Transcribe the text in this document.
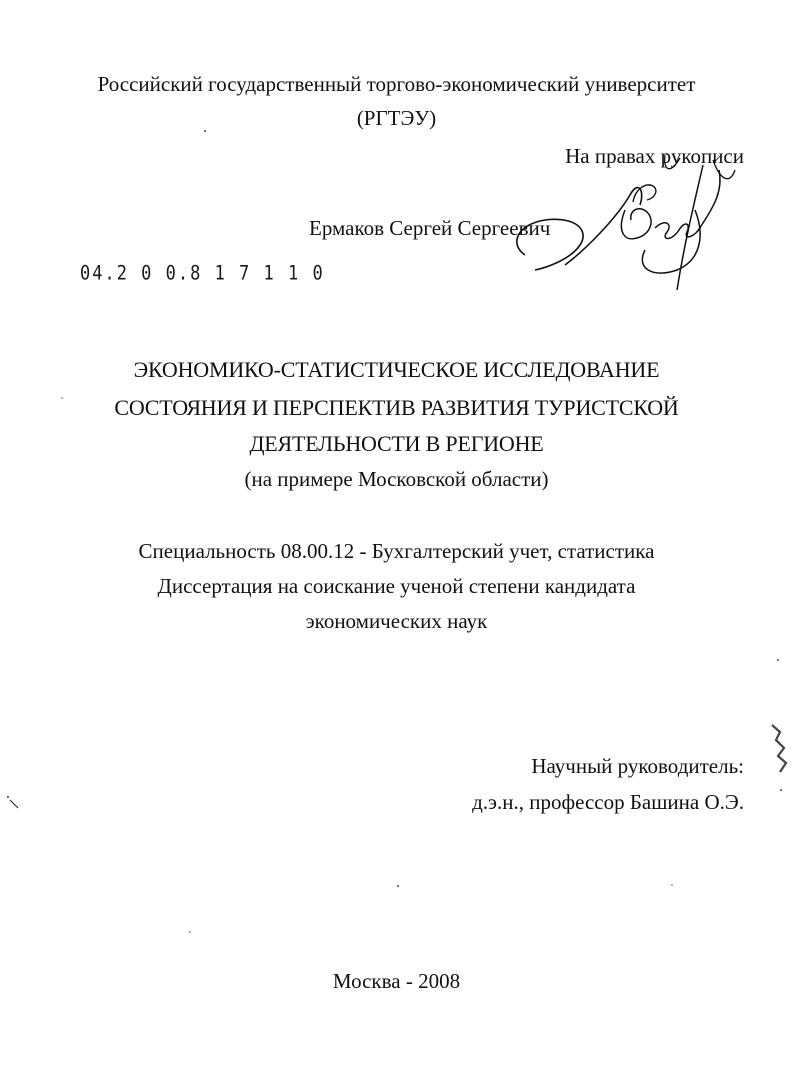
Российский государственный торгово-экономический университет
(РГТЭУ)
На правах рукописи
Ермаков Сергей Сергеевич
04.2 0 0.8 1 7 1 1 0
ЭКОНОМИКО-СТАТИСТИЧЕСКОЕ ИССЛЕДОВАНИЕ
СОСТОЯНИЯ И ПЕРСПЕКТИВ РАЗВИТИЯ ТУРИСТСКОЙ
ДЕЯТЕЛЬНОСТИ В РЕГИОНЕ
(на примере Московской области)
Специальность 08.00.12 - Бухгалтерский учет, статистика
Диссертация на соискание ученой степени кандидата
экономических наук
Научный руководитель:
д.э.н., профессор Башина О.Э.
Москва - 2008
